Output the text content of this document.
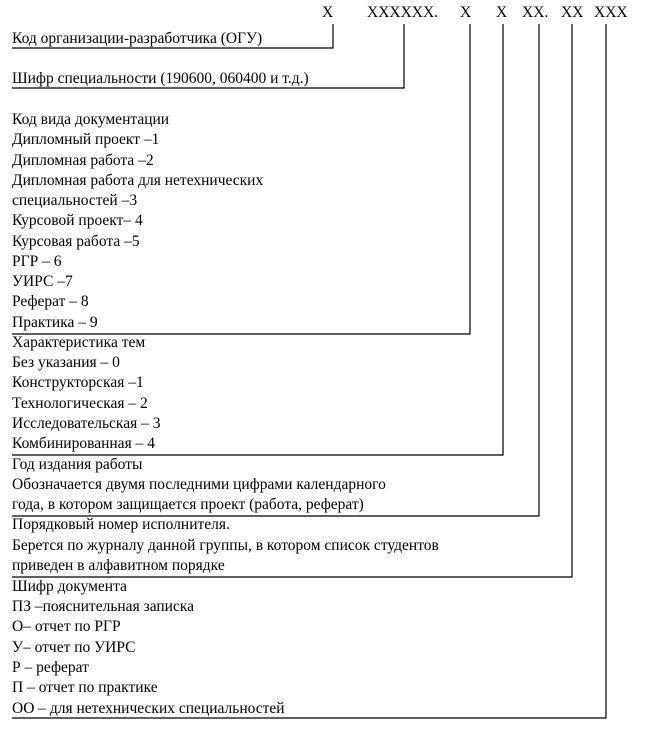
X XXXXXX. X X XX. XX XXX
Код организации-разработчика (ОГУ)
Шифр специальности (190600, 060400 и т.д.)
Код вида документации
Дипломный проект –1
Дипломная работа –2
Дипломная работа для нетехнических
специальностей –3
Курсовой проект– 4
Курсовая работа –5
РГР – 6
УИРС –7
Реферат – 8
Практика – 9
Характеристика тем
Без указания – 0
Конструкторская –1
Технологическая – 2
Исследовательская – 3
Комбинированная – 4
Год издания работы
Обозначается двумя последними цифрами календарного
года, в котором защищается проект (работа, реферат)
Порядковый номер исполнителя.
Берется по журналу данной группы, в котором список студентов
приведен в алфавитном порядке
Шифр документа
ПЗ –пояснительная записка
О– отчет по РГР
У– отчет по УИРС
Р – реферат
П – отчет по практике
ОО – для нетехнических специальностей
